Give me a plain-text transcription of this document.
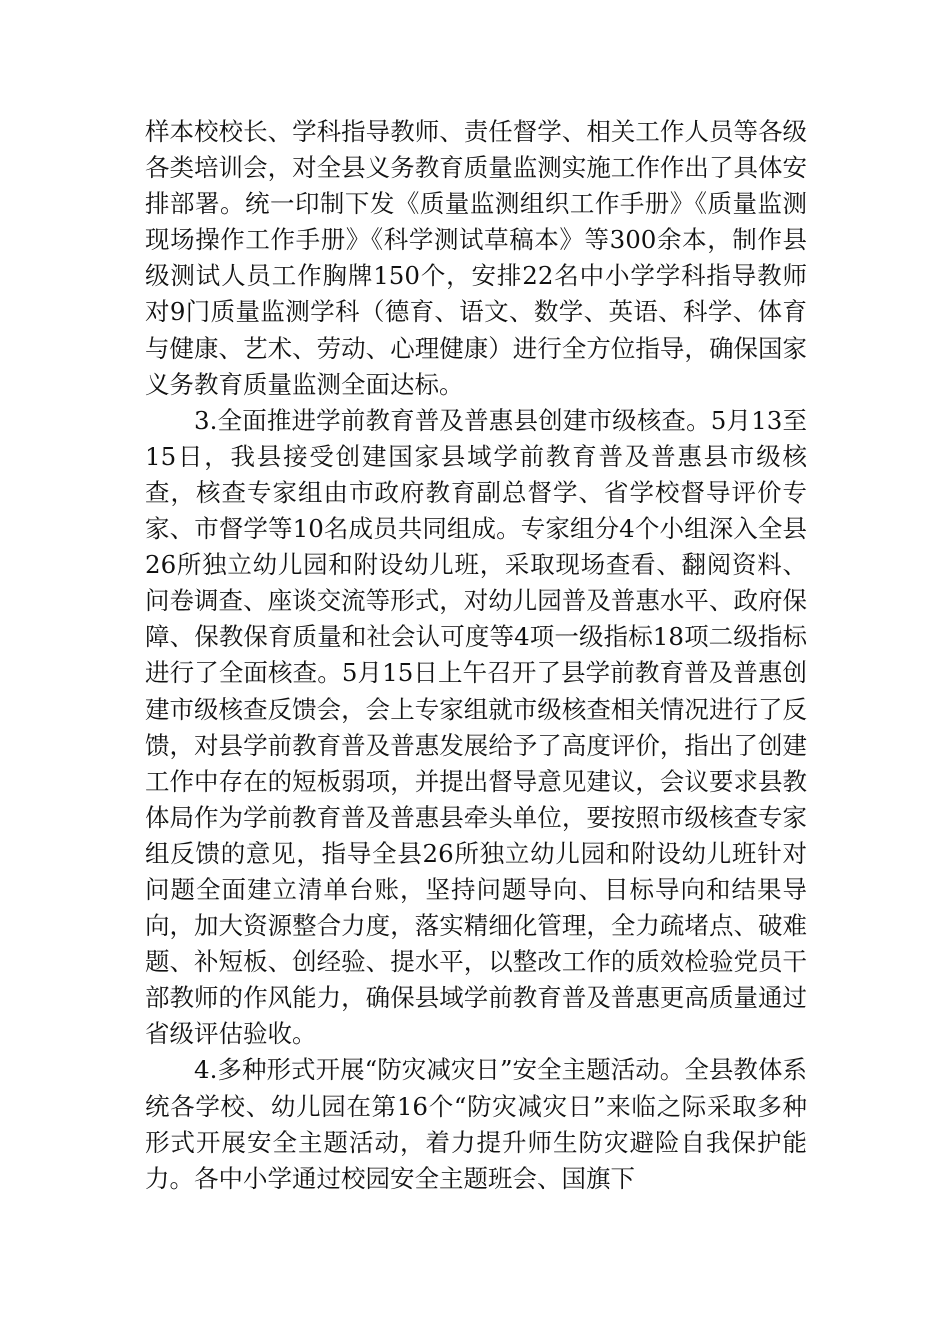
样本校校长、学科指导教师、责任督学、相关工作人员等各级各类培训会，对全县义务教育质量监测实施工作作出了具体安排部署。统一印制下发《质量监测组织工作手册》《质量监测现场操作工作手册》《科学测试草稿本》等300余本，制作县级测试人员工作胸牌150个，安排22名中小学学科指导教师对9门质量监测学科（德育、语文、数学、英语、科学、体育与健康、艺术、劳动、心理健康）进行全方位指导，确保国家义务教育质量监测全面达标。

3.全面推进学前教育普及普惠县创建市级核查。5月13至15日，我县接受创建国家县域学前教育普及普惠县市级核查，核查专家组由市政府教育副总督学、省学校督导评价专家、市督学等10名成员共同组成。专家组分4个小组深入全县26所独立幼儿园和附设幼儿班，采取现场查看、翻阅资料、问卷调查、座谈交流等形式，对幼儿园普及普惠水平、政府保障、保教保育质量和社会认可度等4项一级指标18项二级指标进行了全面核查。5月15日上午召开了县学前教育普及普惠创建市级核查反馈会，会上专家组就市级核查相关情况进行了反馈，对县学前教育普及普惠发展给予了高度评价，指出了创建工作中存在的短板弱项，并提出督导意见建议，会议要求县教体局作为学前教育普及普惠县牵头单位，要按照市级核查专家组反馈的意见，指导全县26所独立幼儿园和附设幼儿班针对问题全面建立清单台账，坚持问题导向、目标导向和结果导向，加大资源整合力度，落实精细化管理，全力疏堵点、破难题、补短板、创经验、提水平，以整改工作的质效检验党员干部教师的作风能力，确保县域学前教育普及普惠更高质量通过省级评估验收。

4.多种形式开展“防灾减灾日”安全主题活动。全县教体系统各学校、幼儿园在第16个“防灾减灾日”来临之际采取多种形式开展安全主题活动，着力提升师生防灾避险自我保护能力。各中小学通过校园安全主题班会、国旗下
